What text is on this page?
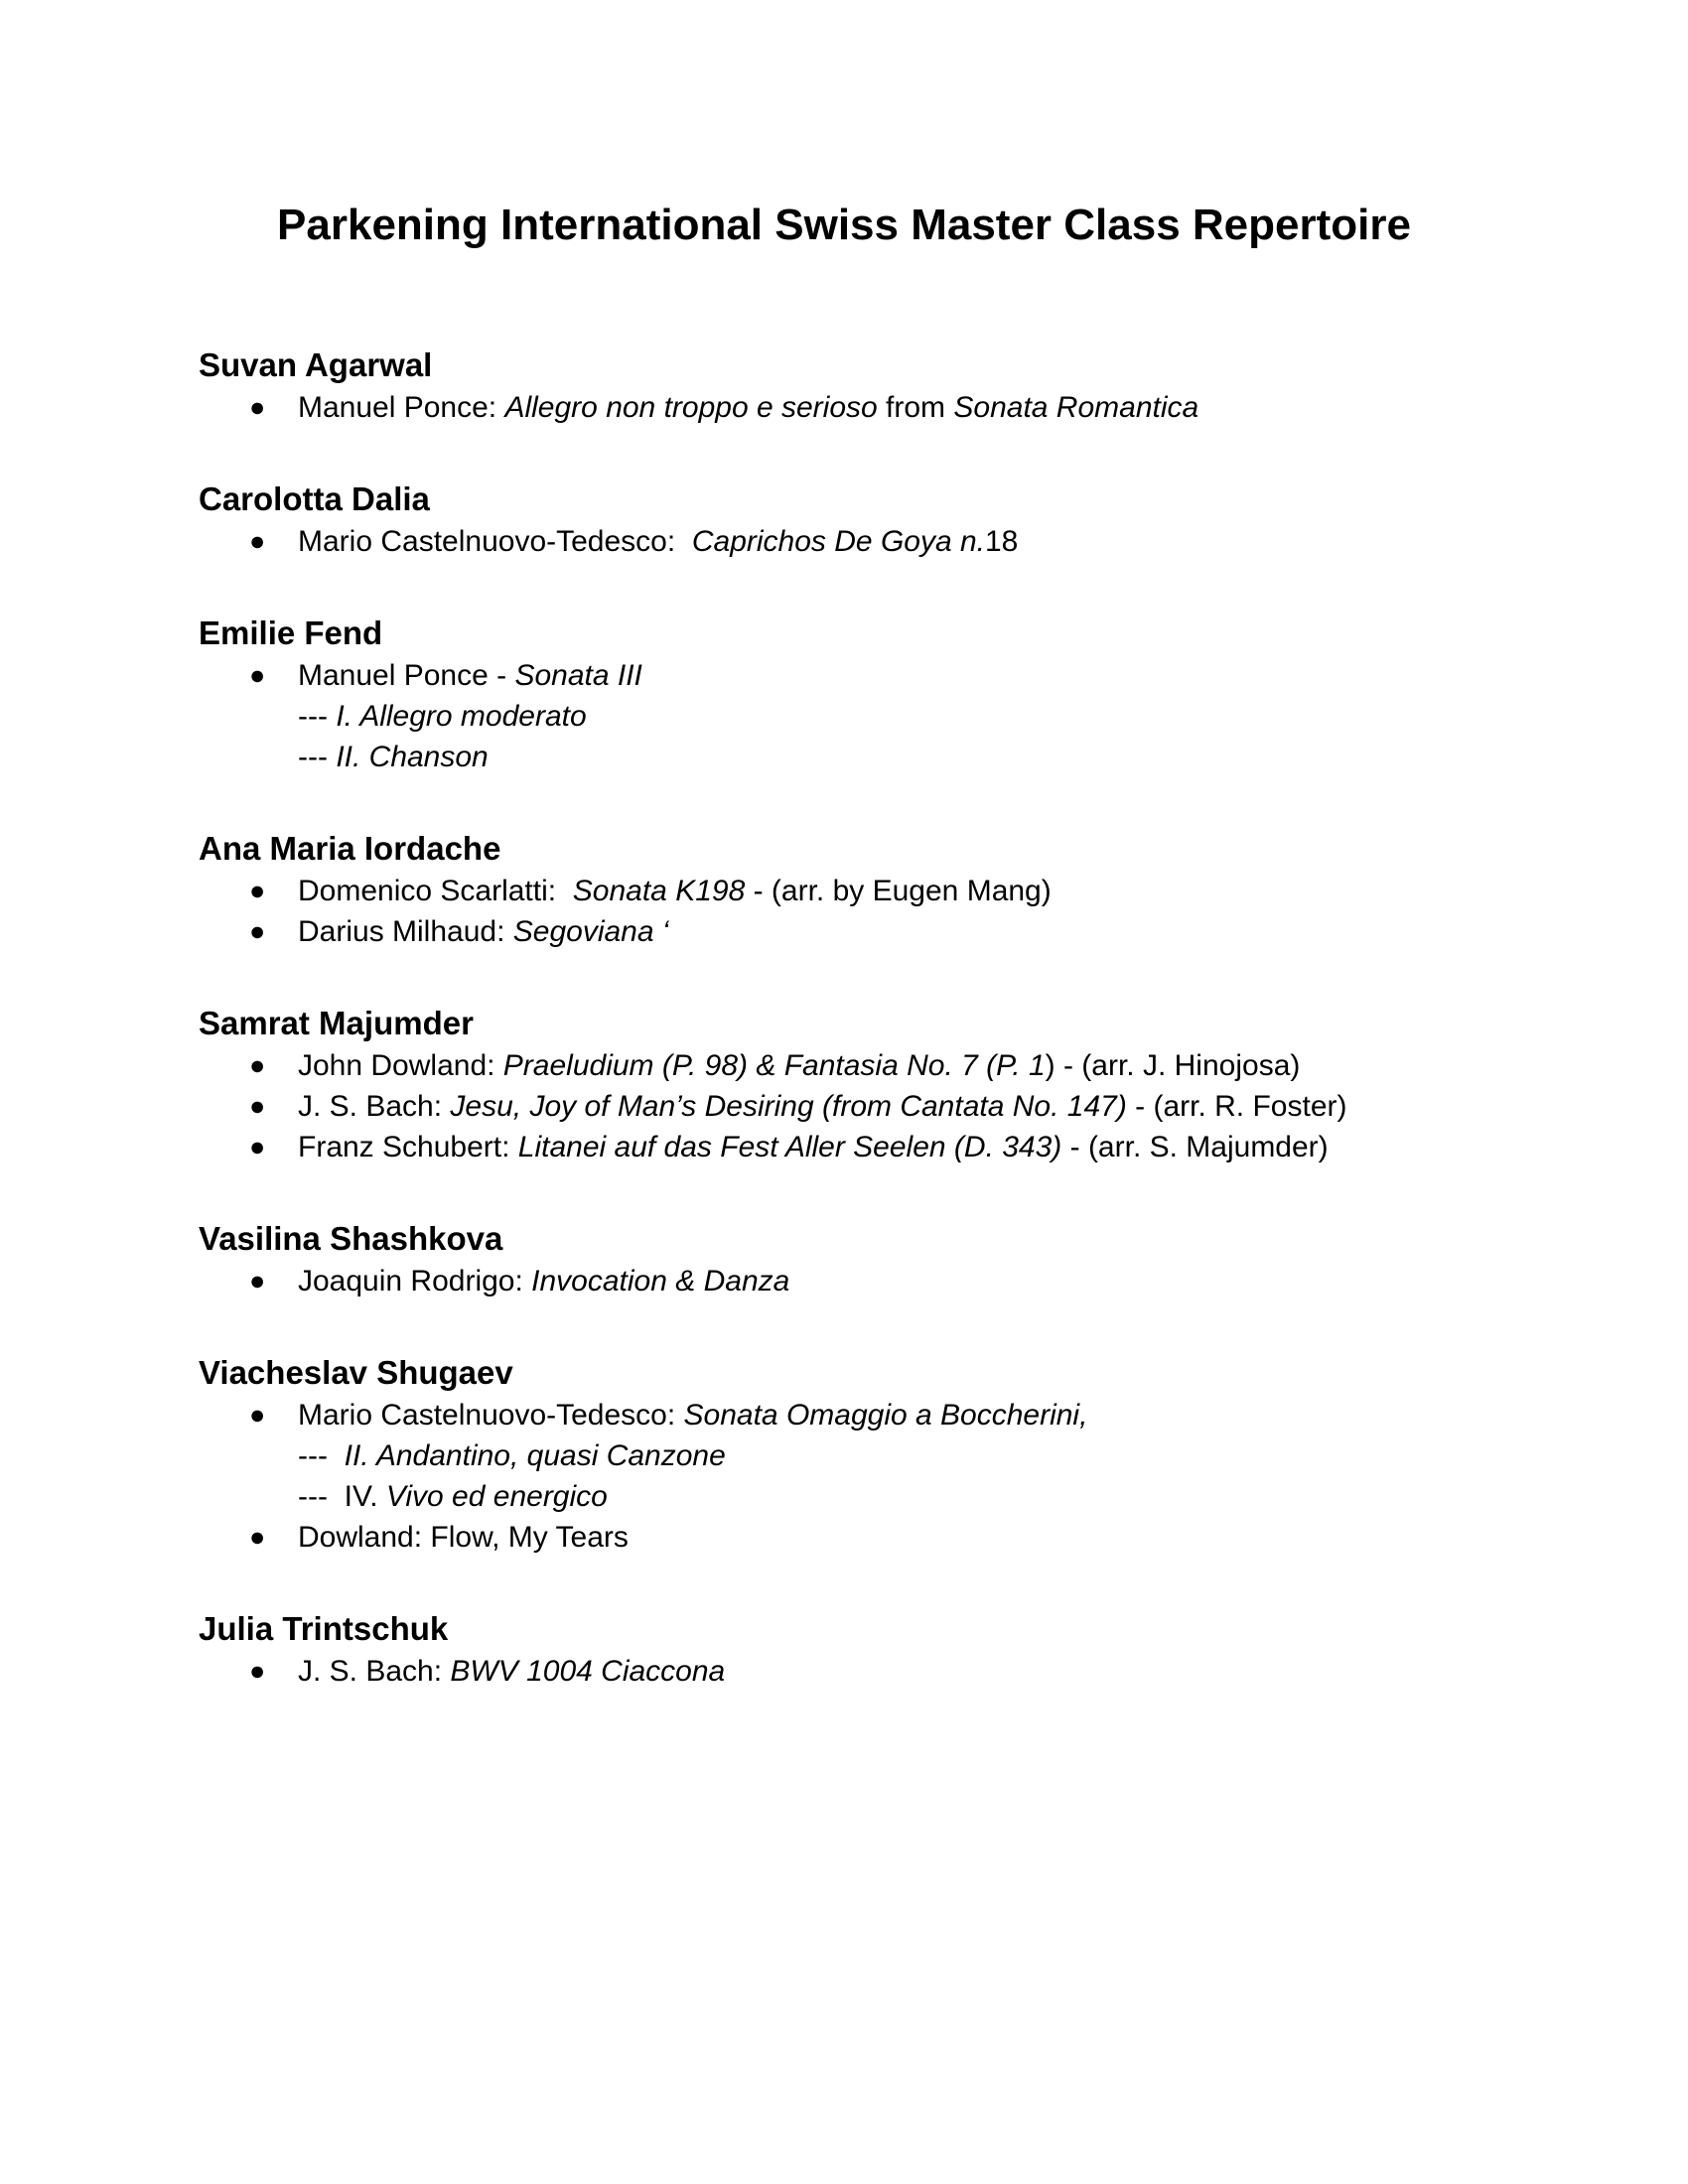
Parkening International Swiss Master Class Repertoire
Suvan Agarwal
● Manuel Ponce: Allegro non troppo e serioso from Sonata Romantica
Carolotta Dalia
● Mario Castelnuovo-Tedesco:  Caprichos De Goya n.18
Emilie Fend
● Manuel Ponce - Sonata III
--- I. Allegro moderato
--- II. Chanson
Ana Maria Iordache
● Domenico Scarlatti:  Sonata K198 - (arr. by Eugen Mang)
● Darius Milhaud: Segoviana ‘
Samrat Majumder
● John Dowland: Praeludium (P. 98) & Fantasia No. 7 (P. 1) - (arr. J. Hinojosa)
● J. S. Bach: Jesu, Joy of Man’s Desiring (from Cantata No. 147) - (arr. R. Foster)
● Franz Schubert: Litanei auf das Fest Aller Seelen (D. 343) - (arr. S. Majumder)
Vasilina Shashkova
● Joaquin Rodrigo: Invocation & Danza
Viacheslav Shugaev
● Mario Castelnuovo-Tedesco: Sonata Omaggio a Boccherini,
---  II. Andantino, quasi Canzone
---  IV. Vivo ed energico
● Dowland: Flow, My Tears
Julia Trintschuk
● J. S. Bach: BWV 1004 Ciaccona
